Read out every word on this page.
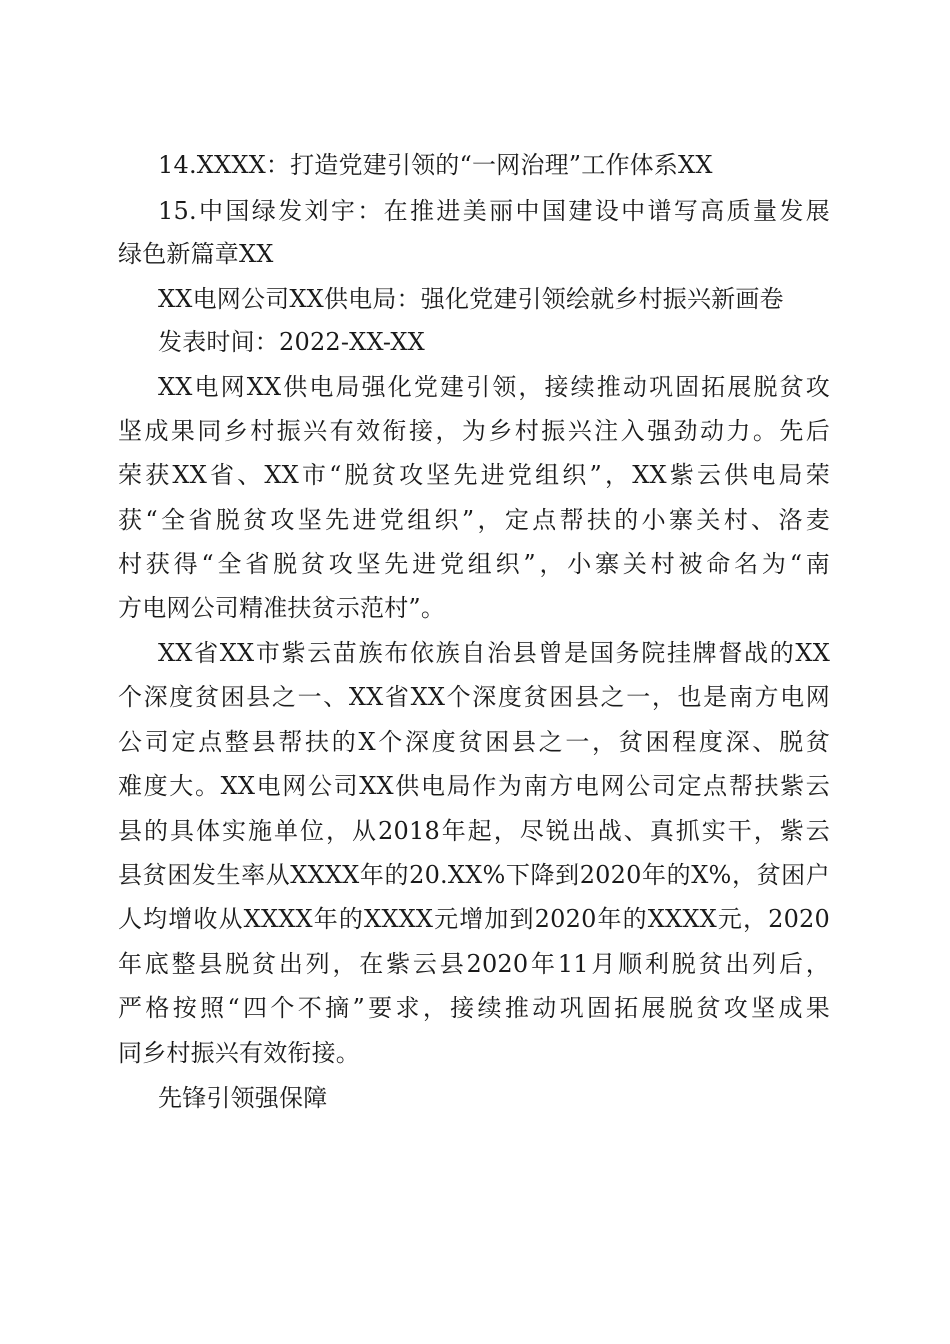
14.XXXX：打造党建引领的“一网治理”工作体系XX
15.中国绿发刘宇：在推进美丽中国建设中谱写高质量发展
绿色新篇章XX
XX电网公司XX供电局：强化党建引领绘就乡村振兴新画卷
发表时间：2022-XX-XX
XX电网XX供电局强化党建引领，接续推动巩固拓展脱贫攻
坚成果同乡村振兴有效衔接，为乡村振兴注入强劲动力。先后
荣获XX省、XX市“脱贫攻坚先进党组织”，XX紫云供电局荣
获“全省脱贫攻坚先进党组织”，定点帮扶的小寨关村、洛麦
村获得“全省脱贫攻坚先进党组织”，小寨关村被命名为“南
方电网公司精准扶贫示范村”。
XX省XX市紫云苗族布依族自治县曾是国务院挂牌督战的XX
个深度贫困县之一、XX省XX个深度贫困县之一，也是南方电网
公司定点整县帮扶的X个深度贫困县之一，贫困程度深、脱贫
难度大。XX电网公司XX供电局作为南方电网公司定点帮扶紫云
县的具体实施单位，从2018年起，尽锐出战、真抓实干，紫云
县贫困发生率从XXXX年的20.XX%下降到2020年的X%，贫困户
人均增收从XXXX年的XXXX元增加到2020年的XXXX元，2020
年底整县脱贫出列，在紫云县2020年11月顺利脱贫出列后，
严格按照“四个不摘”要求，接续推动巩固拓展脱贫攻坚成果
同乡村振兴有效衔接。
先锋引领强保障
